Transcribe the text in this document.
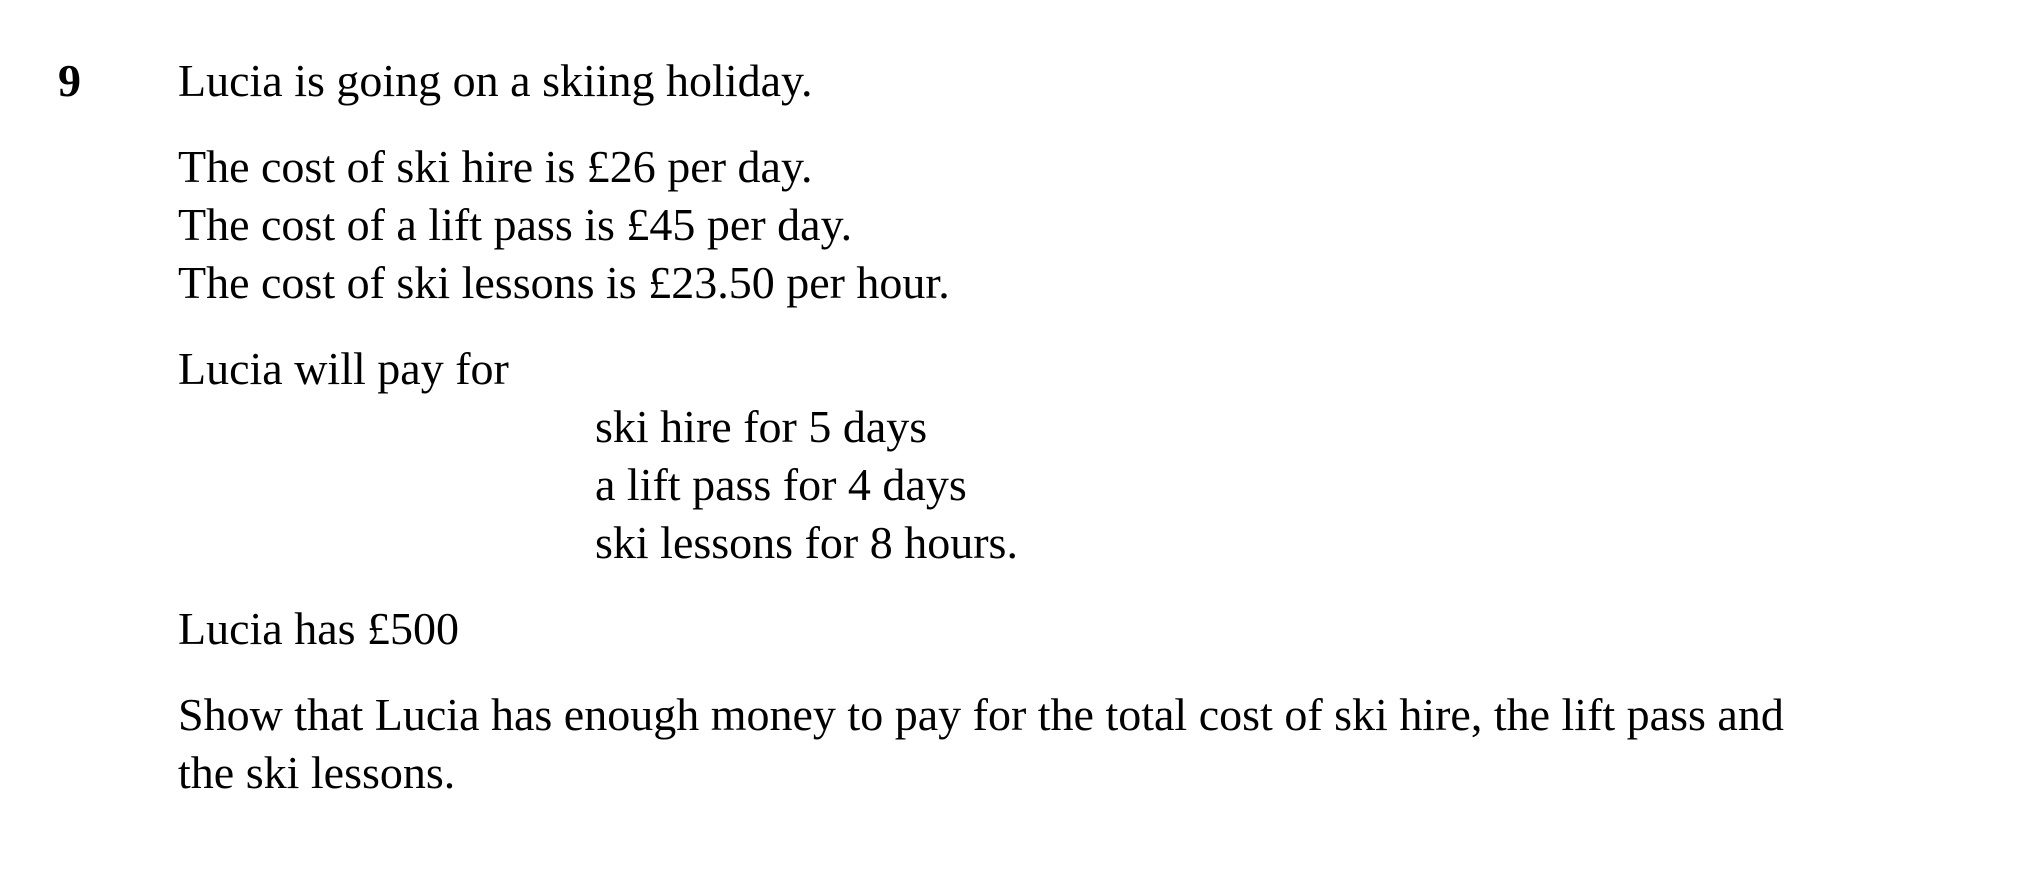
9 Lucia is going on a skiing holiday.
The cost of ski hire is £26 per day.
The cost of a lift pass is £45 per day.
The cost of ski lessons is £23.50 per hour.
Lucia will pay for
ski hire for 5 days
a lift pass for 4 days
ski lessons for 8 hours.
Lucia has £500
Show that Lucia has enough money to pay for the total cost of ski hire, the lift pass and
the ski lessons.
